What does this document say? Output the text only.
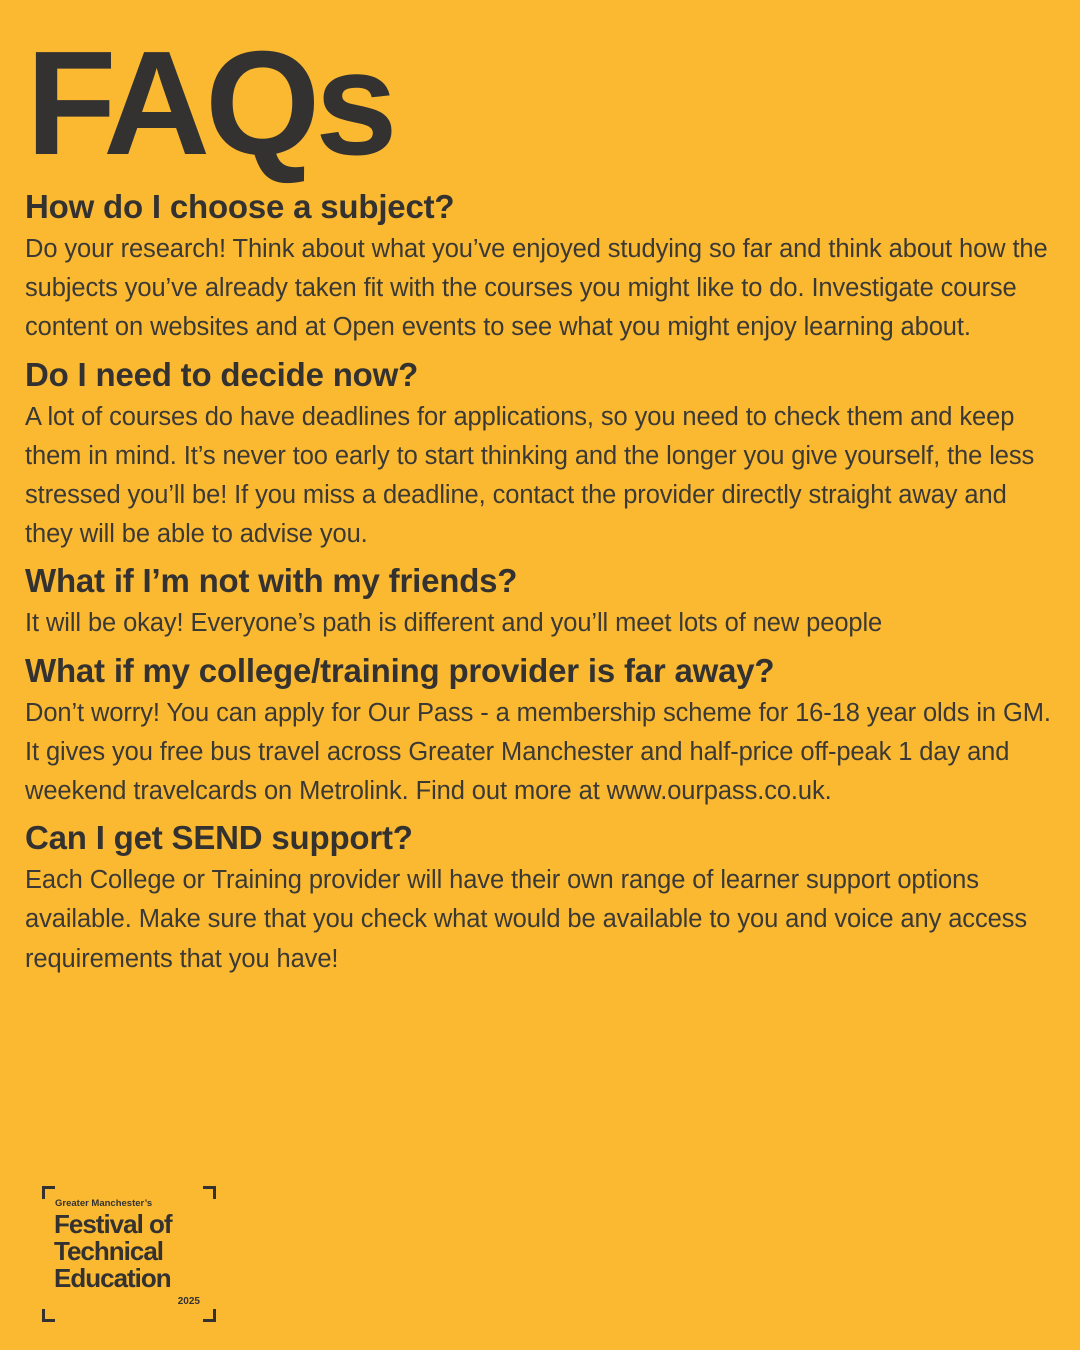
FAQs
How do I choose a subject?

Do your research! Think about what you’ve enjoyed studying so far and think about how the subjects you’ve already taken fit with the courses you might like to do. Investigate course content on websites and at Open events to see what you might enjoy learning about.

Do I need to decide now?

A lot of courses do have deadlines for applications, so you need to check them and keep them in mind. It’s never too early to start thinking and the longer you give yourself, the less stressed you’ll be! If you miss a deadline, contact the provider directly straight away and they will be able to advise you.

What if I’m not with my friends?

It will be okay! Everyone’s path is different and you’ll meet lots of new people

What if my college/training provider is far away?

Don’t worry! You can apply for Our Pass - a membership scheme for 16-18 year olds in GM. It gives you free bus travel across Greater Manchester and half-price off-peak 1 day and weekend travelcards on Metrolink. Find out more at www.ourpass.co.uk.

Can I get SEND support?

Each College or Training provider will have their own range of learner support options available. Make sure that you check what would be available to you and voice any access requirements that you have!

Greater Manchester’s
Festival of
Technical
Education
2025
